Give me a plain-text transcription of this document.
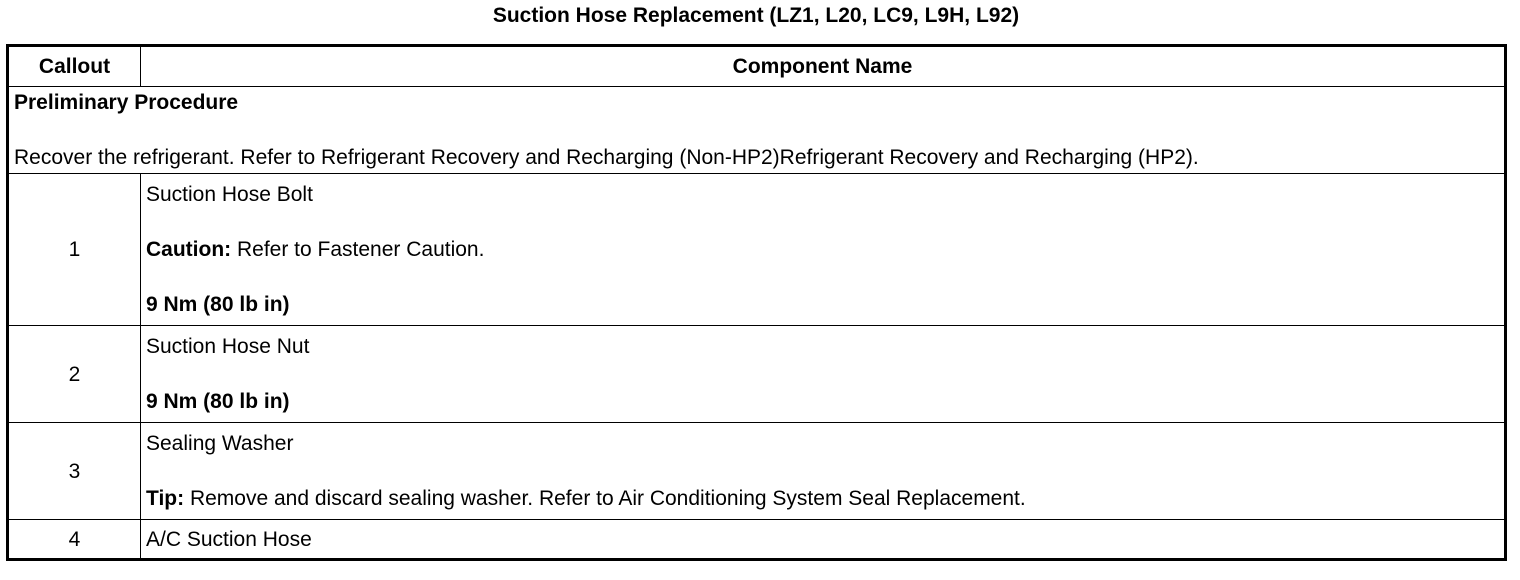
Suction Hose Replacement (LZ1, L20, LC9, L9H, L92)
Callout	Component Name

Preliminary Procedure
Recover the refrigerant. Refer to Refrigerant Recovery and Recharging (Non-HP2)Refrigerant Recovery and Recharging (HP2).	

1	Suction Hose Bolt
Caution: Refer to Fastener Caution.
9 Nm (80 lb in)

2	Suction Hose Nut
9 Nm (80 lb in)

3	Sealing Washer
Tip: Remove and discard sealing washer. Refer to Air Conditioning System Seal Replacement.

4	A/C Suction Hose
